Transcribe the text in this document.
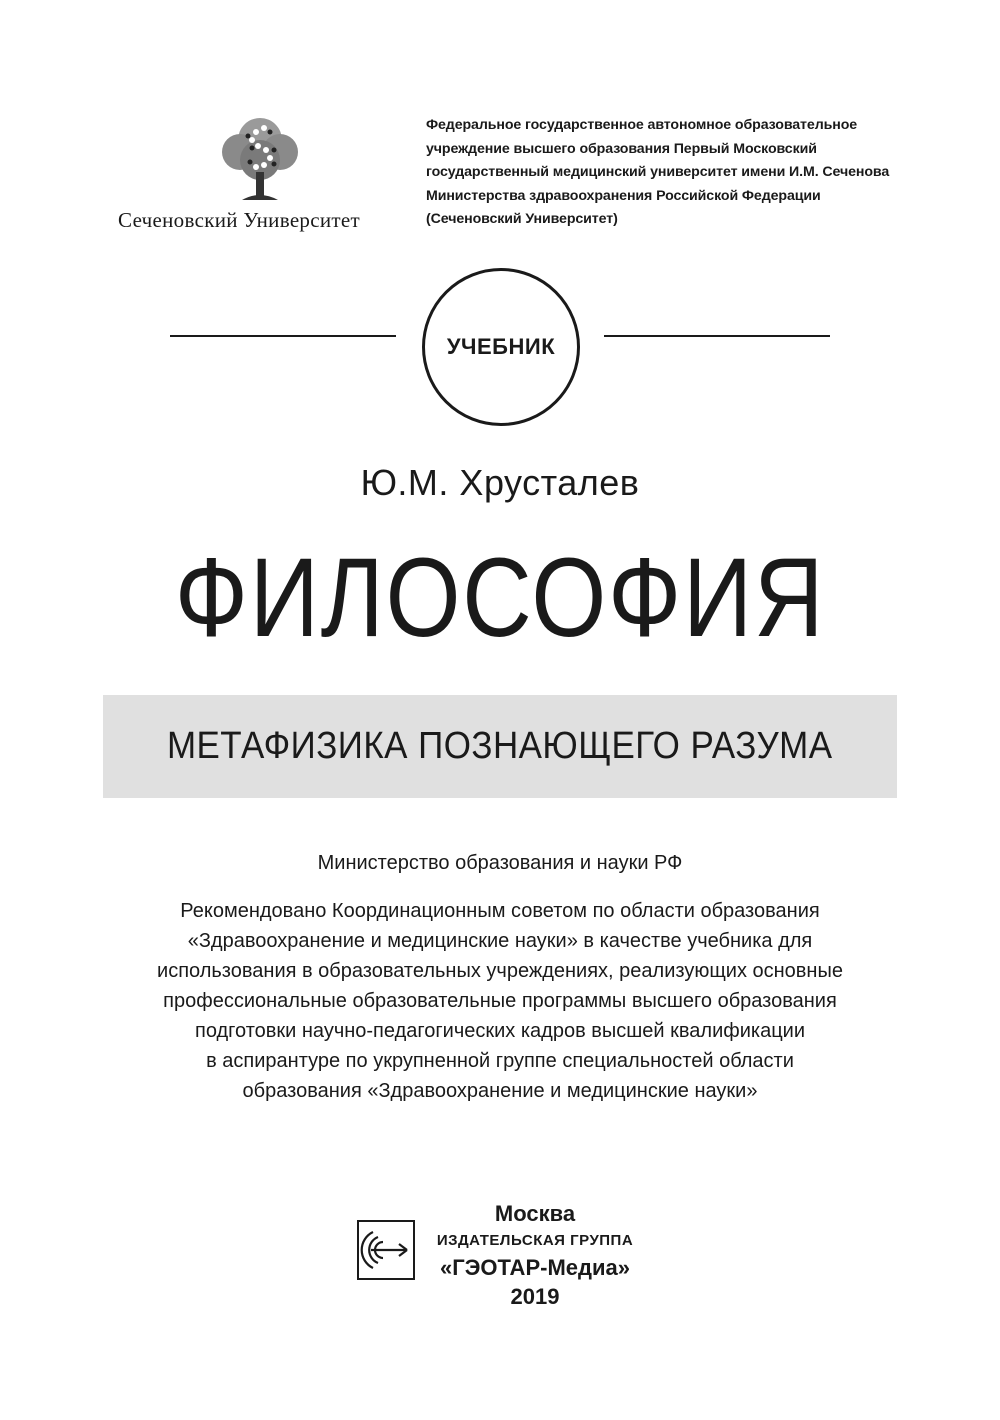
Сеченовский Университет
Федеральное государственное автономное образовательное
учреждение высшего образования Первый Московский
государственный медицинский университет имени И.М. Сеченова
Министерства здравоохранения Российской Федерации
(Сеченовский Университет)
УЧЕБНИК
Ю.М. Хрусталев
ФИЛОСОФИЯ
МЕТАФИЗИКА ПОЗНАЮЩЕГО РАЗУМА
Министерство образования и науки РФ
Рекомендовано Координационным советом по области образования
«Здравоохранение и медицинские науки» в качестве учебника для
использования в образовательных учреждениях, реализующих основные
профессиональные образовательные программы высшего образования
подготовки научно-педагогических кадров высшей квалификации
в аспирантуре по укрупненной группе специальностей области
образования «Здравоохранение и медицинские науки»
Москва
ИЗДАТЕЛЬСКАЯ ГРУППА
«ГЭОТАР-Медиа»
2019
